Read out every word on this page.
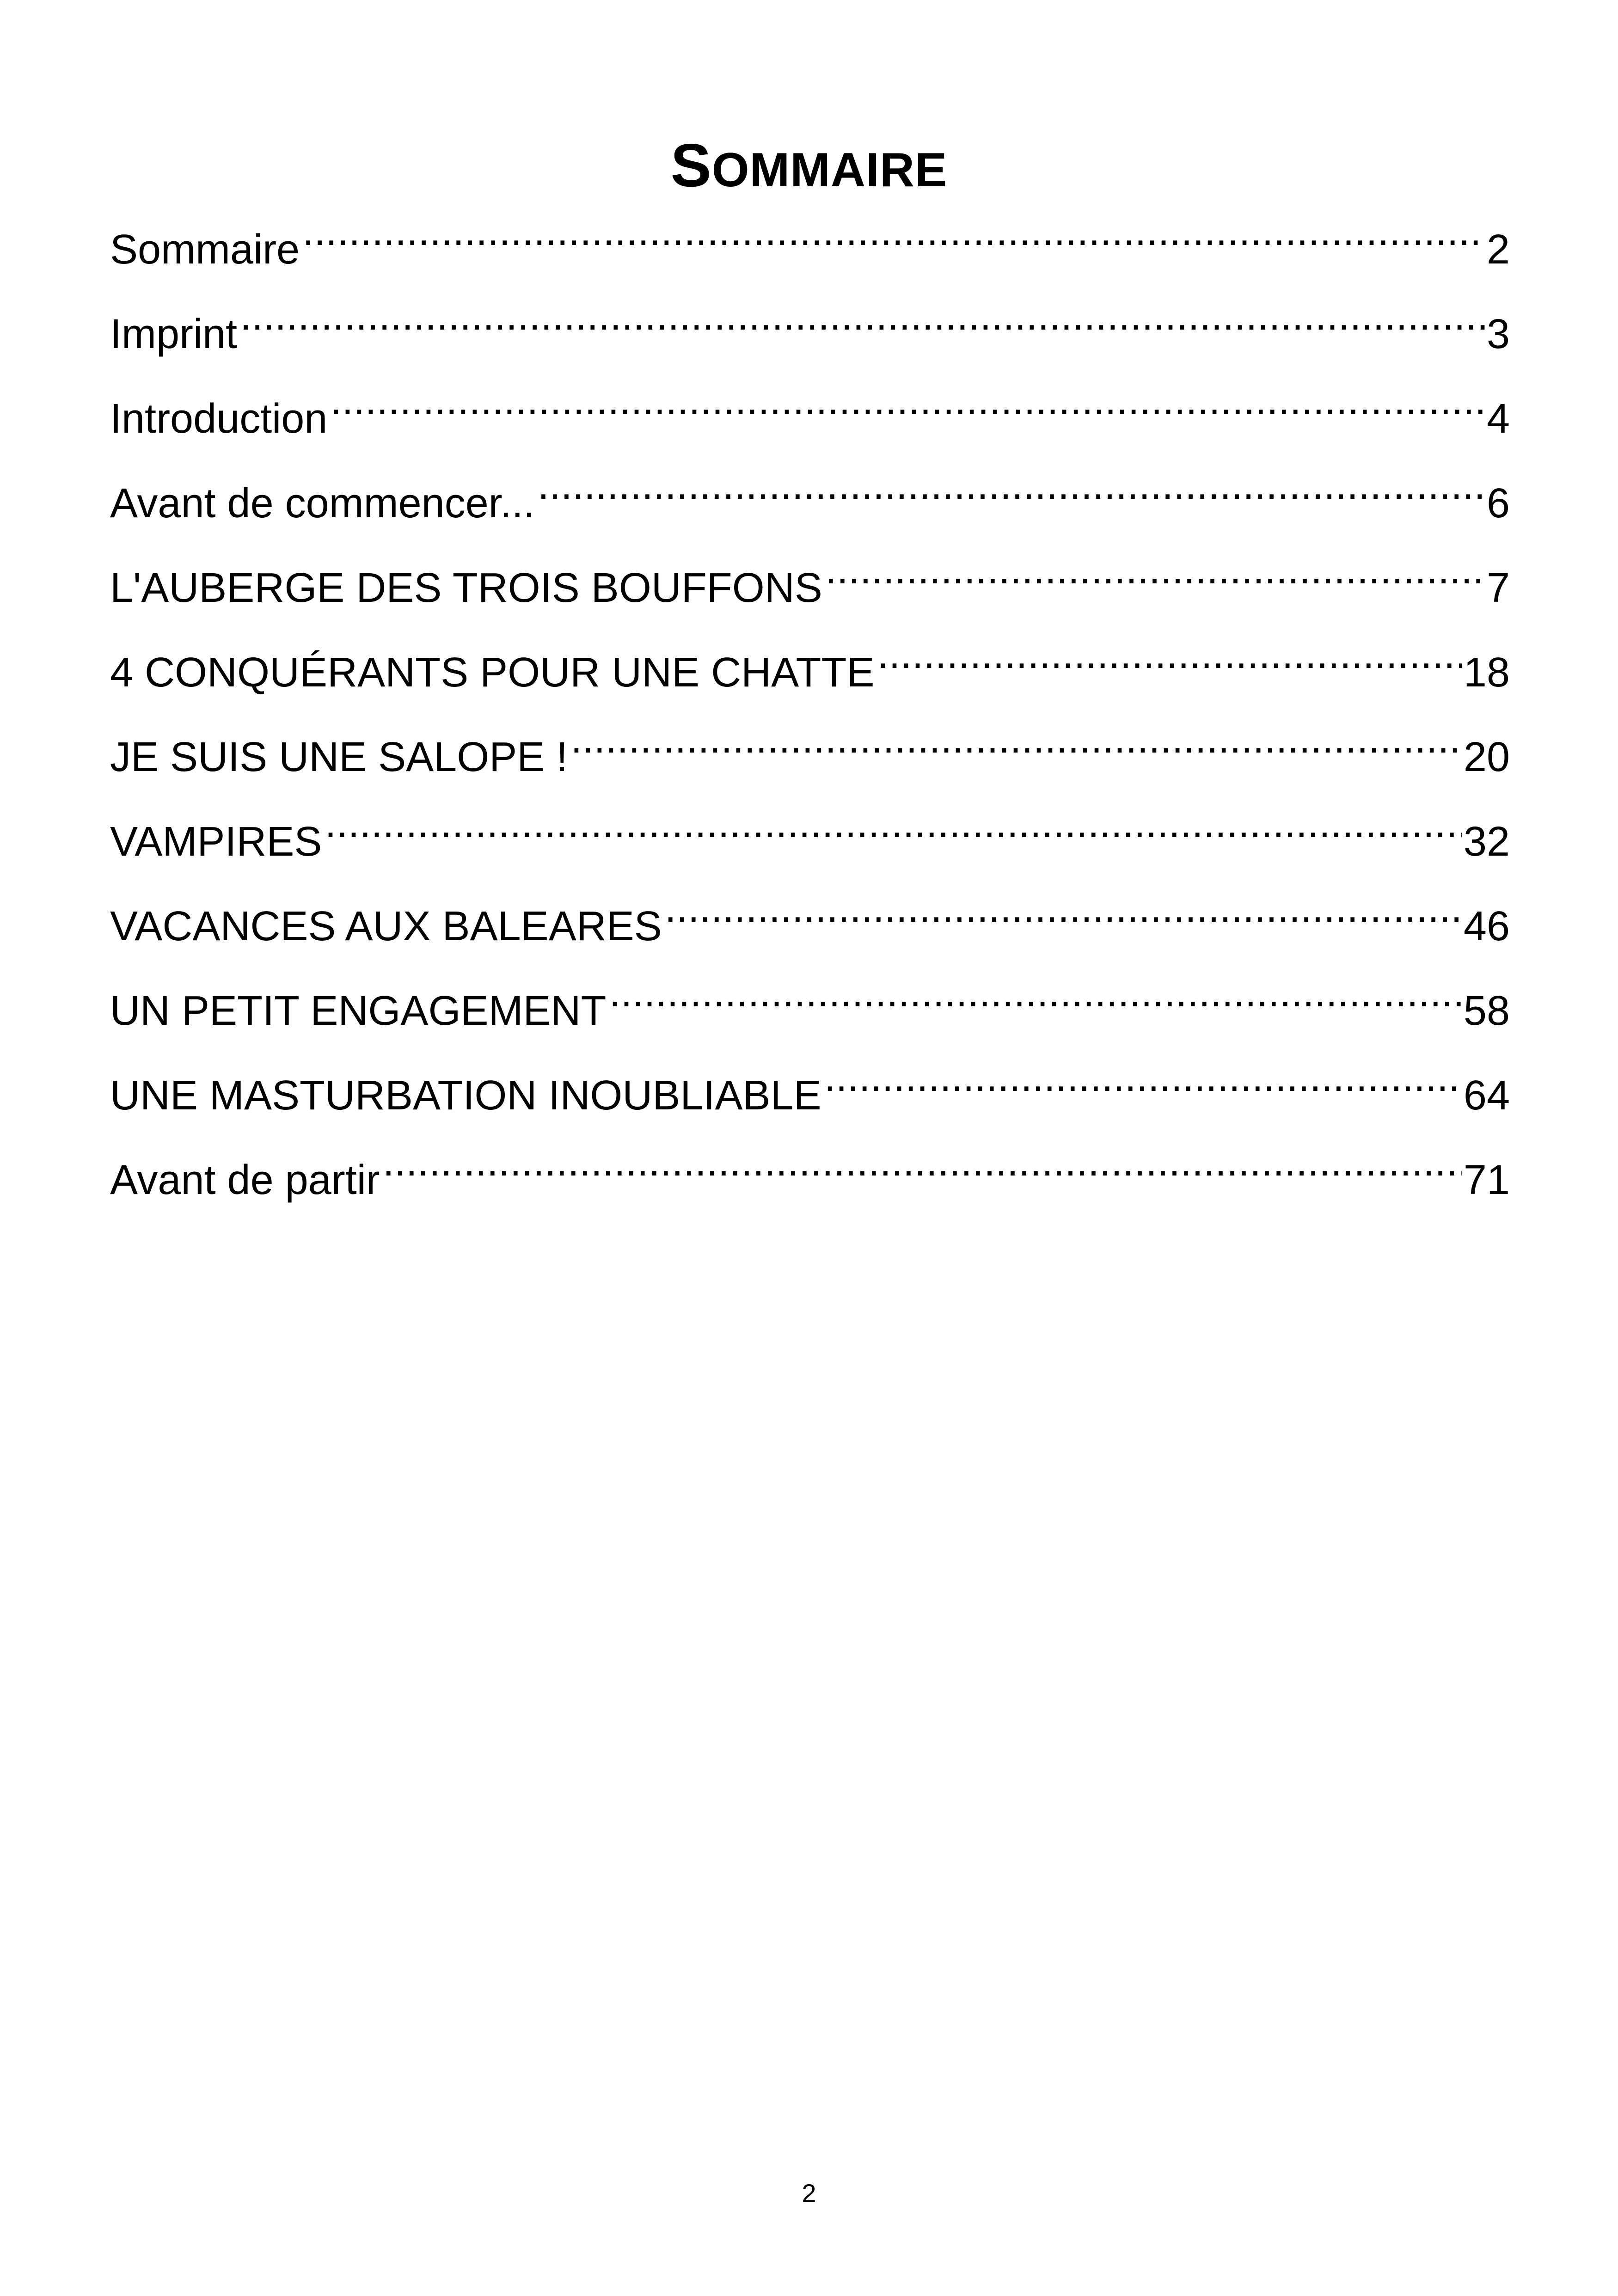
SOMMAIRE
Sommaire .....	2
Imprint .....	3
Introduction .....	4
Avant de commencer... .....	6
L'AUBERGE DES TROIS BOUFFONS .....	7
4 CONQUÉRANTS POUR UNE CHATTE .....	18
JE SUIS UNE SALOPE ! .....	20
VAMPIRES .....	32
VACANCES AUX BALEARES .....	46
UN PETIT ENGAGEMENT .....	58
UNE MASTURBATION INOUBLIABLE .....	64
Avant de partir .....	71
2
